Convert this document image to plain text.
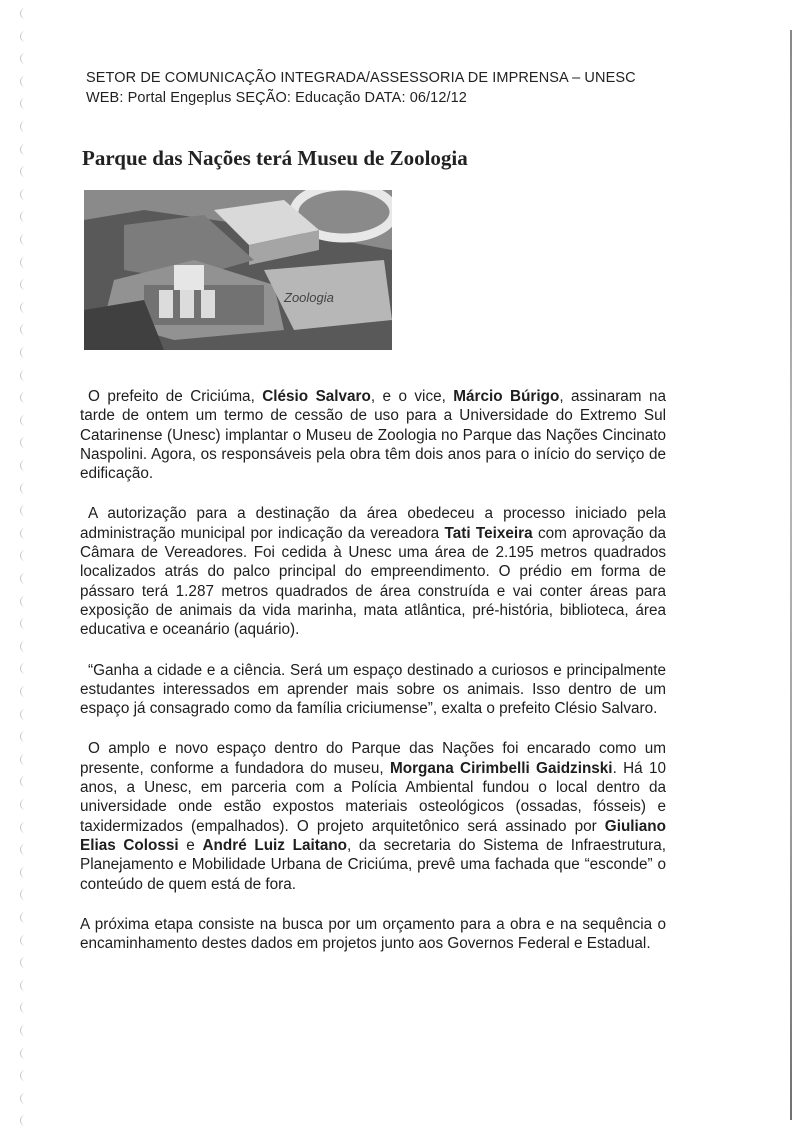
SETOR DE COMUNICAÇÃO INTEGRADA/ASSESSORIA DE IMPRENSA – UNESC
WEB: Portal Engeplus SEÇÃO: Educação DATA: 06/12/12
Parque das Nações terá Museu de Zoologia
Zoologia

O prefeito de Criciúma, Clésio Salvaro, e o vice, Márcio Búrigo, assinaram na tarde de ontem um termo de cessão de uso para a Universidade do Extremo Sul Catarinense (Unesc) implantar o Museu de Zoologia no Parque das Nações Cincinato Naspolini. Agora, os responsáveis pela obra têm dois anos para o início do serviço de edificação.

A autorização para a destinação da área obedeceu a processo iniciado pela administração municipal por indicação da vereadora Tati Teixeira com aprovação da Câmara de Vereadores. Foi cedida à Unesc uma área de 2.195 metros quadrados localizados atrás do palco principal do empreendimento. O prédio em forma de pássaro terá 1.287 metros quadrados de área construída e vai conter áreas para exposição de animais da vida marinha, mata atlântica, pré-história, biblioteca, área educativa e oceanário (aquário).

“Ganha a cidade e a ciência. Será um espaço destinado a curiosos e principalmente estudantes interessados em aprender mais sobre os animais. Isso dentro de um espaço já consagrado como da família criciumense”, exalta o prefeito Clésio Salvaro.

O amplo e novo espaço dentro do Parque das Nações foi encarado como um presente, conforme a fundadora do museu, Morgana Cirimbelli Gaidzinski. Há 10 anos, a Unesc, em parceria com a Polícia Ambiental fundou o local dentro da universidade onde estão expostos materiais osteológicos (ossadas, fósseis) e taxidermizados (empalhados). O projeto arquitetônico será assinado por Giuliano Elias Colossi e André Luiz Laitano, da secretaria do Sistema de Infraestrutura, Planejamento e Mobilidade Urbana de Criciúma, prevê uma fachada que “esconde” o conteúdo de quem está de fora.

A próxima etapa consiste na busca por um orçamento para a obra e na sequência o encaminhamento destes dados em projetos junto aos Governos Federal e Estadual.
